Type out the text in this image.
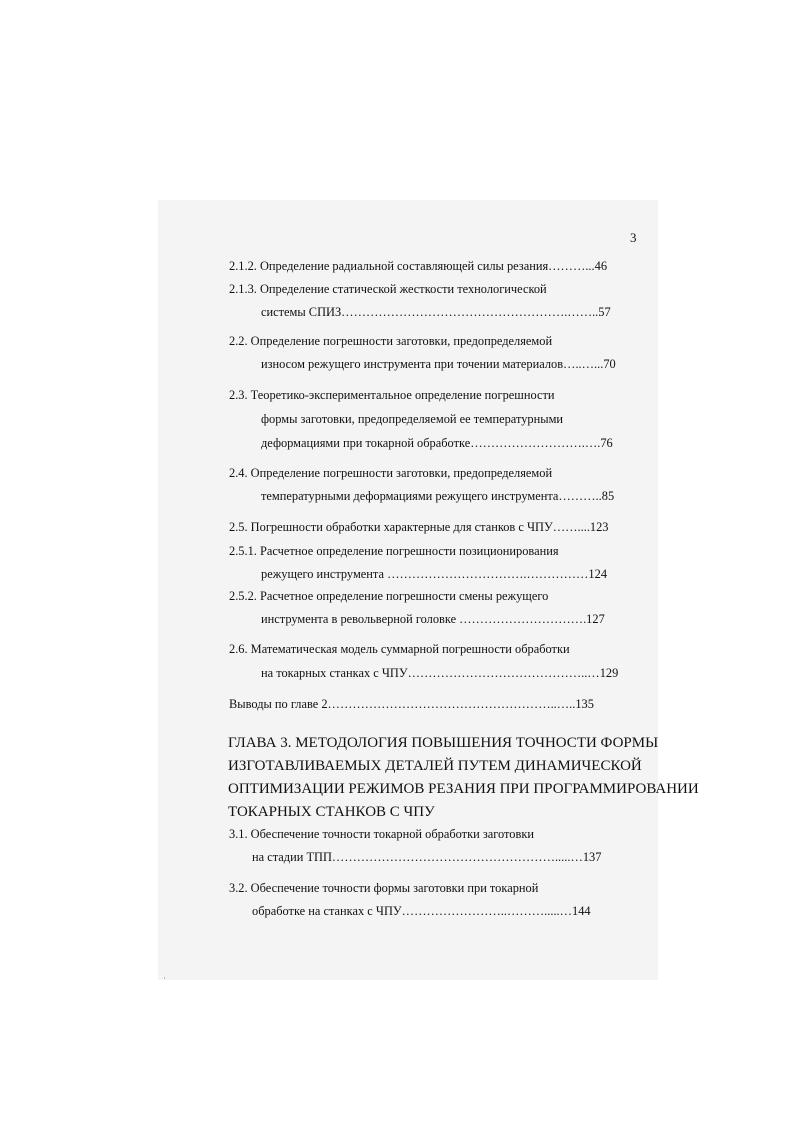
3
2.1.2. Определение радиальной составляющей силы резания………...46
2.1.3. Определение статической жесткости технологической
системы СПИЗ……………………………………………….……..57
2.2. Определение погрешности заготовки, предопределяемой
износом режущего инструмента при точении материалов…..…...70
2.3. Теоретико-экспериментальное определение погрешности
формы заготовки, предопределяемой ее температурными
деформациями при токарной обработке……………………….….76
2.4. Определение погрешности заготовки, предопределяемой
температурными деформациями режущего инструмента………..85
2.5. Погрешности обработки характерные для станков с ЧПУ……....123
2.5.1. Расчетное определение погрешности позиционирования
режущего инструмента …………………………….……………124
2.5.2. Расчетное определение погрешности смены режущего
инструмента в револьверной головке ………………………….127
2.6. Математическая модель суммарной погрешности обработки
на токарных станках с ЧПУ……………………………………..…129
Выводы по главе 2………………………………………………..…..135
ГЛАВА 3. МЕТОДОЛОГИЯ ПОВЫШЕНИЯ ТОЧНОСТИ ФОРМЫ
ИЗГОТАВЛИВАЕМЫХ ДЕТАЛЕЙ ПУТЕМ ДИНАМИЧЕСКОЙ
ОПТИМИЗАЦИИ РЕЖИМОВ РЕЗАНИЯ ПРИ ПРОГРАММИРОВАНИИ
ТОКАРНЫХ СТАНКОВ С ЧПУ
3.1. Обеспечение точности токарной обработки заготовки
на стадии ТПП……………………………………………….....…137
3.2. Обеспечение точности формы заготовки при токарной
обработке на станках с ЧПУ……………………..……….....…144
